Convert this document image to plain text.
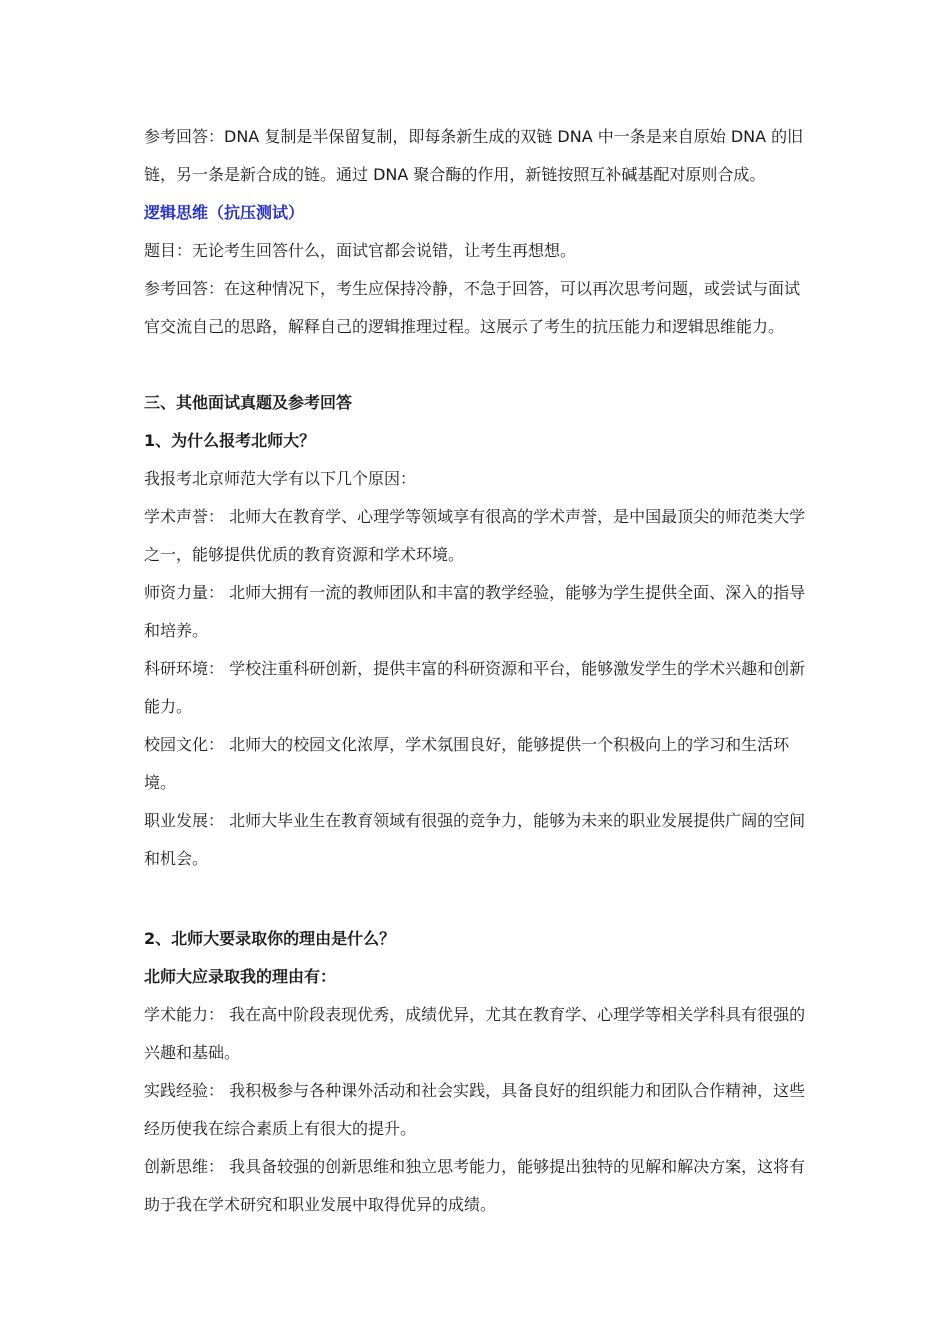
参考回答：DNA 复制是半保留复制，即每条新生成的双链 DNA 中一条是来自原始 DNA 的旧链，另一条是新合成的链。通过 DNA 聚合酶的作用，新链按照互补碱基配对原则合成。

逻辑思维（抗压测试）

题目：无论考生回答什么，面试官都会说错，让考生再想想。

参考回答：在这种情况下，考生应保持冷静，不急于回答，可以再次思考问题，或尝试与面试官交流自己的思路，解释自己的逻辑推理过程。这展示了考生的抗压能力和逻辑思维能力。

三、其他面试真题及参考回答

1、为什么报考北师大？

我报考北京师范大学有以下几个原因：

学术声誉： 北师大在教育学、心理学等领域享有很高的学术声誉，是中国最顶尖的师范类大学之一，能够提供优质的教育资源和学术环境。

师资力量： 北师大拥有一流的教师团队和丰富的教学经验，能够为学生提供全面、深入的指导和培养。

科研环境： 学校注重科研创新，提供丰富的科研资源和平台，能够激发学生的学术兴趣和创新能力。

校园文化： 北师大的校园文化浓厚，学术氛围良好，能够提供一个积极向上的学习和生活环境。

职业发展： 北师大毕业生在教育领域有很强的竞争力，能够为未来的职业发展提供广阔的空间和机会。

2、北师大要录取你的理由是什么？

北师大应录取我的理由有：

学术能力： 我在高中阶段表现优秀，成绩优异，尤其在教育学、心理学等相关学科具有很强的兴趣和基础。

实践经验： 我积极参与各种课外活动和社会实践，具备良好的组织能力和团队合作精神，这些经历使我在综合素质上有很大的提升。

创新思维： 我具备较强的创新思维和独立思考能力，能够提出独特的见解和解决方案，这将有助于我在学术研究和职业发展中取得优异的成绩。
